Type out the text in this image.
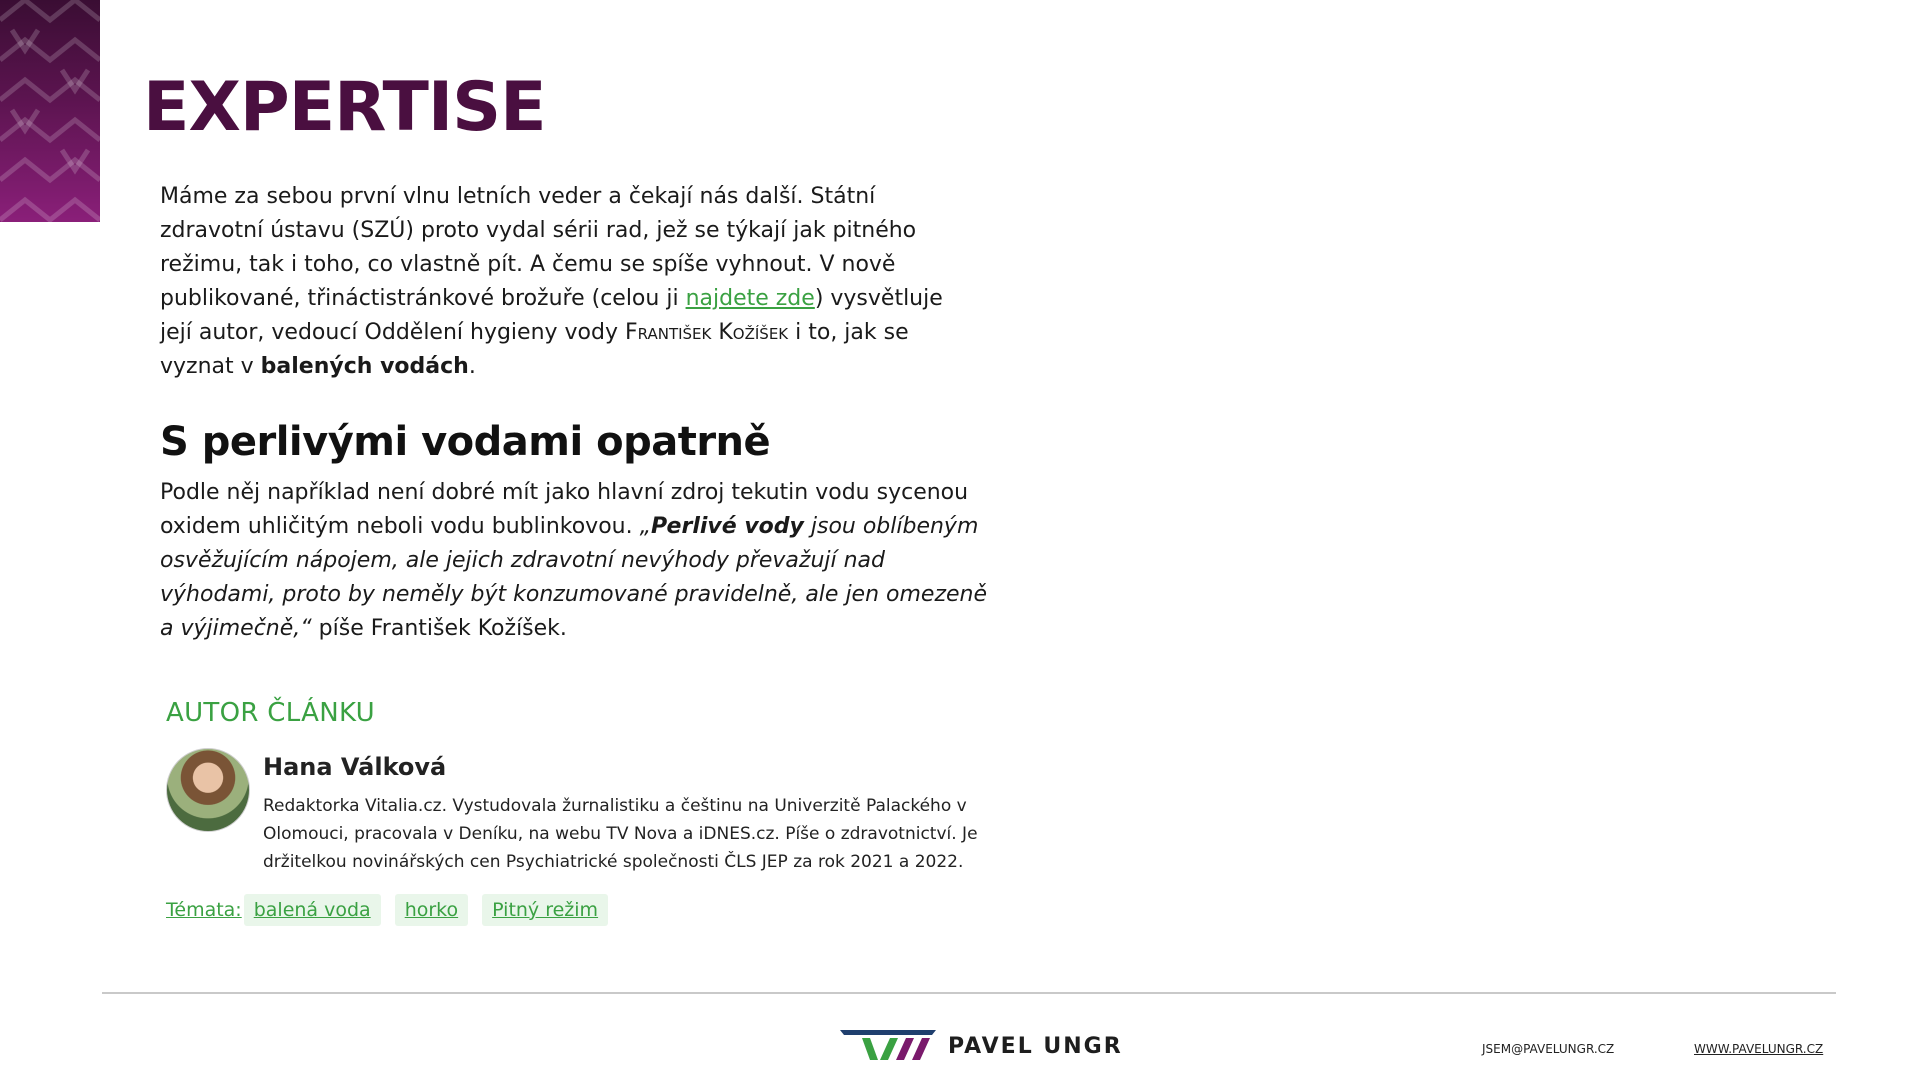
EXPERTISE

Máme za sebou první vlnu letních veder a čekají nás další. Státní zdravotní ústavu (SZÚ) proto vydal sérii rad, jež se týkají jak pitného režimu, tak i toho, co vlastně pít. A čemu se spíše vyhnout. V nově publikované, třináctistránkové brožuře (celou ji najdete zde) vysvětluje její autor, vedoucí Oddělení hygieny vody František Kožíšek i to, jak se vyznat v balených vodách.

S perlivými vodami opatrně

Podle něj například není dobré mít jako hlavní zdroj tekutin vodu sycenou oxidem uhličitým neboli vodu bublinkovou. „Perlivé vody jsou oblíbeným osvěžujícím nápojem, ale jejich zdravotní nevýhody převažují nad výhodami, proto by neměly být konzumované pravidelně, ale jen omezeně a výjimečně,“ píše František Kožíšek.

AUTOR ČLÁNKU
Hana Válková
Redaktorka Vitalia.cz. Vystudovala žurnalistiku a češtinu na Univerzitě Palackého v Olomouci, pracovala v Deníku, na webu TV Nova a iDNES.cz. Píše o zdravotnictví. Je držitelkou novinářských cen Psychiatrické společnosti ČLS JEP za rok 2021 a 2022.
Témata: balená voda	horko	Pitný režim
PAVEL UNGR	JSEM@PAVELUNGR.CZ	WWW.PAVELUNGR.CZ
